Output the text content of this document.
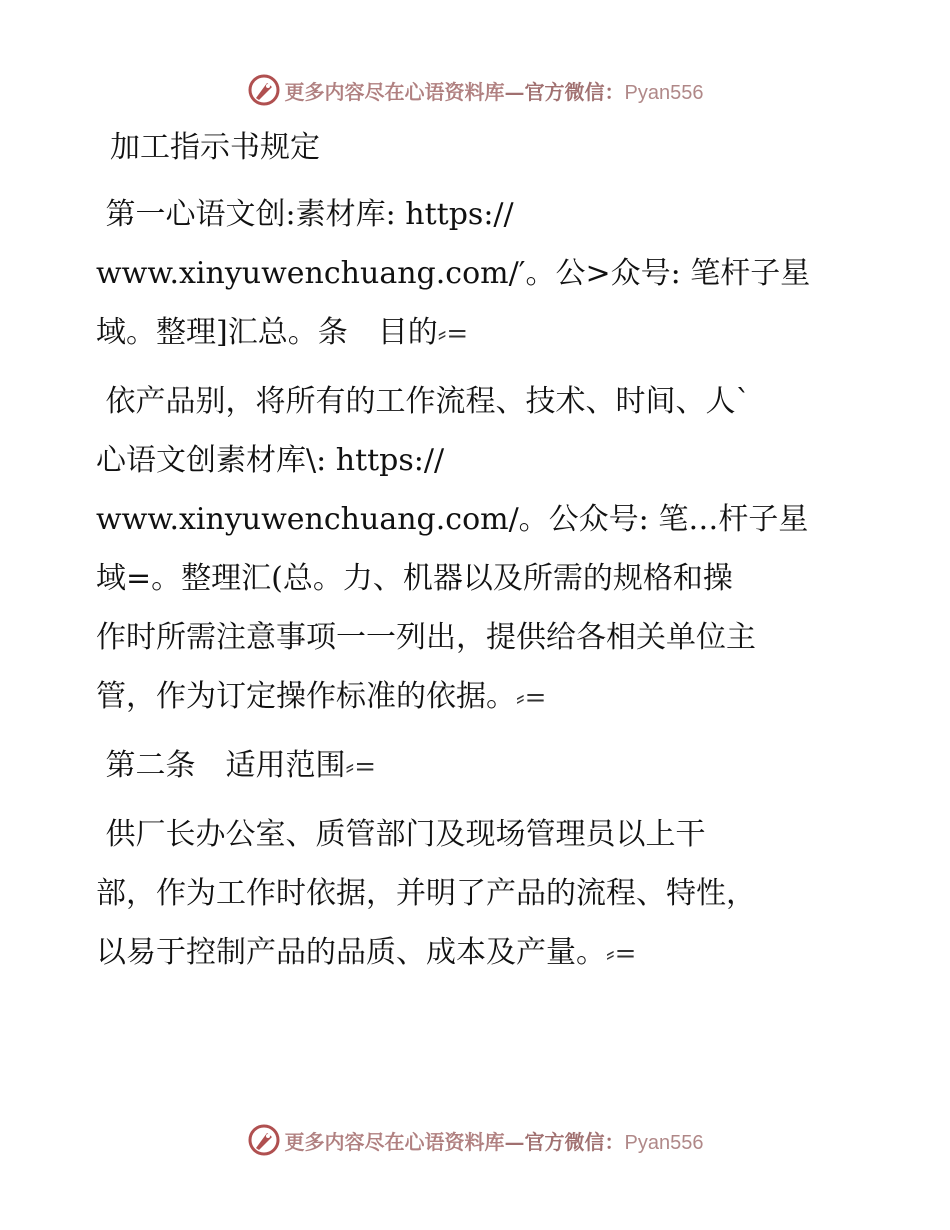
更多内容尽在心语资料库—官方微信：Pyan556

加工指示书规定

第一心语文创:素材库: https://
www.xinyuwenchuang.com/′。公>众号: 笔杆子星
域。整理]汇总。条　目的⸗=

依产品别，将所有的工作流程、技术、时间、人ˋ
心语文创素材库\: https://
www.xinyuwenchuang.com/。公众号: 笔…杆子星
域=。整理汇(总。力、机器以及所需的规格和操
作时所需注意事项一一列出，提供给各相关单位主
管，作为订定操作标准的依据。⸗=

第二条　适用范围⸗=

供厂长办公室、质管部门及现场管理员以上干
部，作为工作时依据，并明了产品的流程、特性，
以易于控制产品的品质、成本及产量。⸗=

更多内容尽在心语资料库—官方微信：Pyan556
